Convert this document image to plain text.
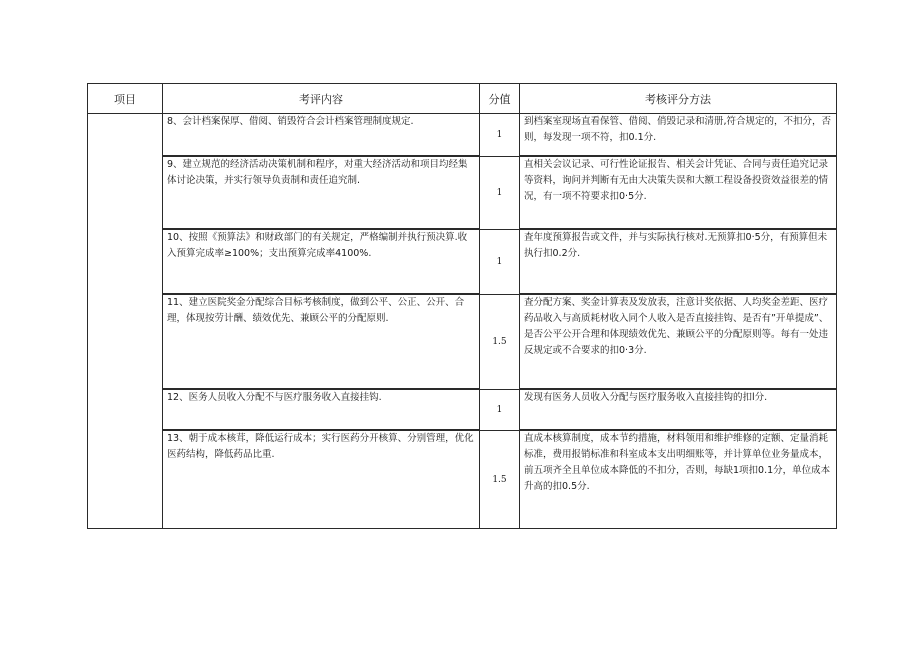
项目	考评内容	分值	考核评分方法

	8、会计档案保厚、借阅、销毁符合会计档案管理制度规定.	1	到档案室现场直看保管、借阅、俏毁记录和清册,符合规定的，不扣分，否则，每发现一项不符，扣0.1分.

	9、建立规范的经济活动决策机制和程序，对重大经济活动和项目均经集体讨论决策，并实行领导负责制和责任追究制.	1	直相关会议记录、可行性论证报告、相关会计凭证、合同与责任追究记录等资料，询问并判断有无由大决策失误和大额工程设备投资效益很差的情况，有一项不符要求扣0·5分.

	10、按照《预算法》和财政部门的有关规定，严格编制并执行预决算.收入预算完成率≥100%；支出预算完成率4100%.	1	査年度预算报告或文件，并与实际执行核对.无预算扣0·5分，有预算但未执行扣0.2分.

	11、建立医院奖金分配综合目标考核制度，做到公平、公正、公开、合理，体现按劳计酬、绩效优先、兼顾公平的分配原则.	1.5	査分配方案、奖金计算表及发放表，注意计奖依据、人均奖金差距、医疗药品收入与高质耗材收入同个人收入是否直接挂钩、是否有”开单提成”、是否公平公开合理和体现绩效优先、兼顾公平的分配原则等。每有一处违反规定或不合要求的扣0·3分.

	12、医务人员收入分配不与医疗服务收入直接挂钩.	1	发现有医务人员收入分配与医疗服务收入直接挂钩的扣l分.

	13、朝于成本核茸，降低运行成本；实行医药分开核算、分别管理，优化医药结构，降低药品比重.	1.5	直成本核算制度，成本节约措施，材料领用和维护维修的定额、定量消耗标准，费用报销标准和科室成本支出明细账等，并计算单位业务量成本，前五项齐全且单位成本降低的不扣分，否则，每缺1项扣0.1分，单位成本升高的扣0.5分.
